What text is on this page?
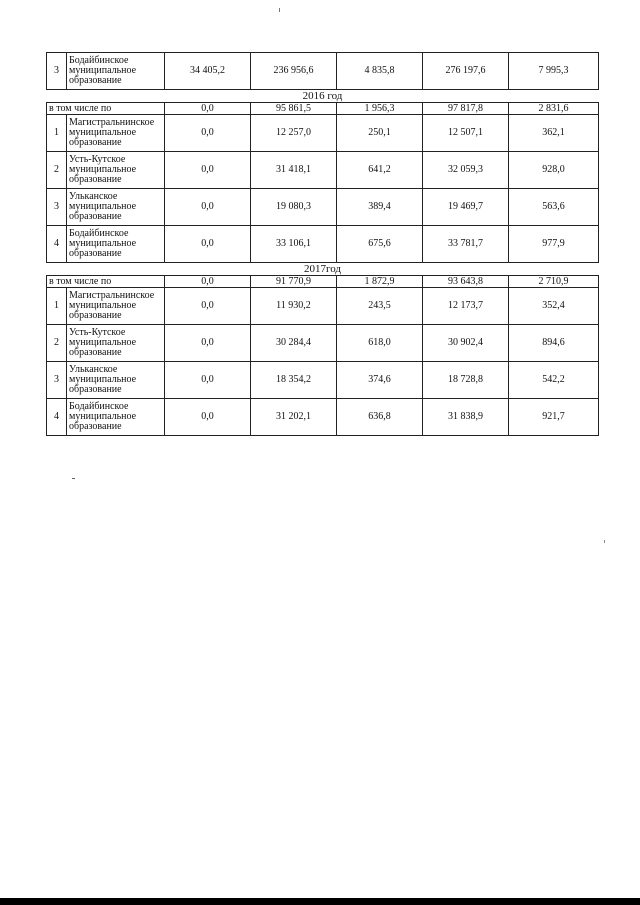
3	Бодайбинское
муниципальное
образование	34 405,2	236 956,6	4 835,8	276 197,6	7 995,3
2016 год						
в том числе по		0,0	95 861,5	1 956,3	97 817,8	2 831,6
1	Магистральнинское
муниципальное
образование	0,0	12 257,0	250,1	12 507,1	362,1
2	Усть-Кутское
муниципальное
образование	0,0	31 418,1	641,2	32 059,3	928,0
3	Ульканское
муниципальное
образование	0,0	19 080,3	389,4	19 469,7	563,6
4	Бодайбинское
муниципальное
образование	0,0	33 106,1	675,6	33 781,7	977,9
2017год						
в том числе по		0,0	91 770,9	1 872,9	93 643,8	2 710,9
1	Магистральнинское
муниципальное
образование	0,0	11 930,2	243,5	12 173,7	352,4
2	Усть-Кутское
муниципальное
образование	0,0	30 284,4	618,0	30 902,4	894,6
3	Ульканское
муниципальное
образование	0,0	18 354,2	374,6	18 728,8	542,2
4	Бодайбинское
муниципальное
образование	0,0	31 202,1	636,8	31 838,9	921,7
